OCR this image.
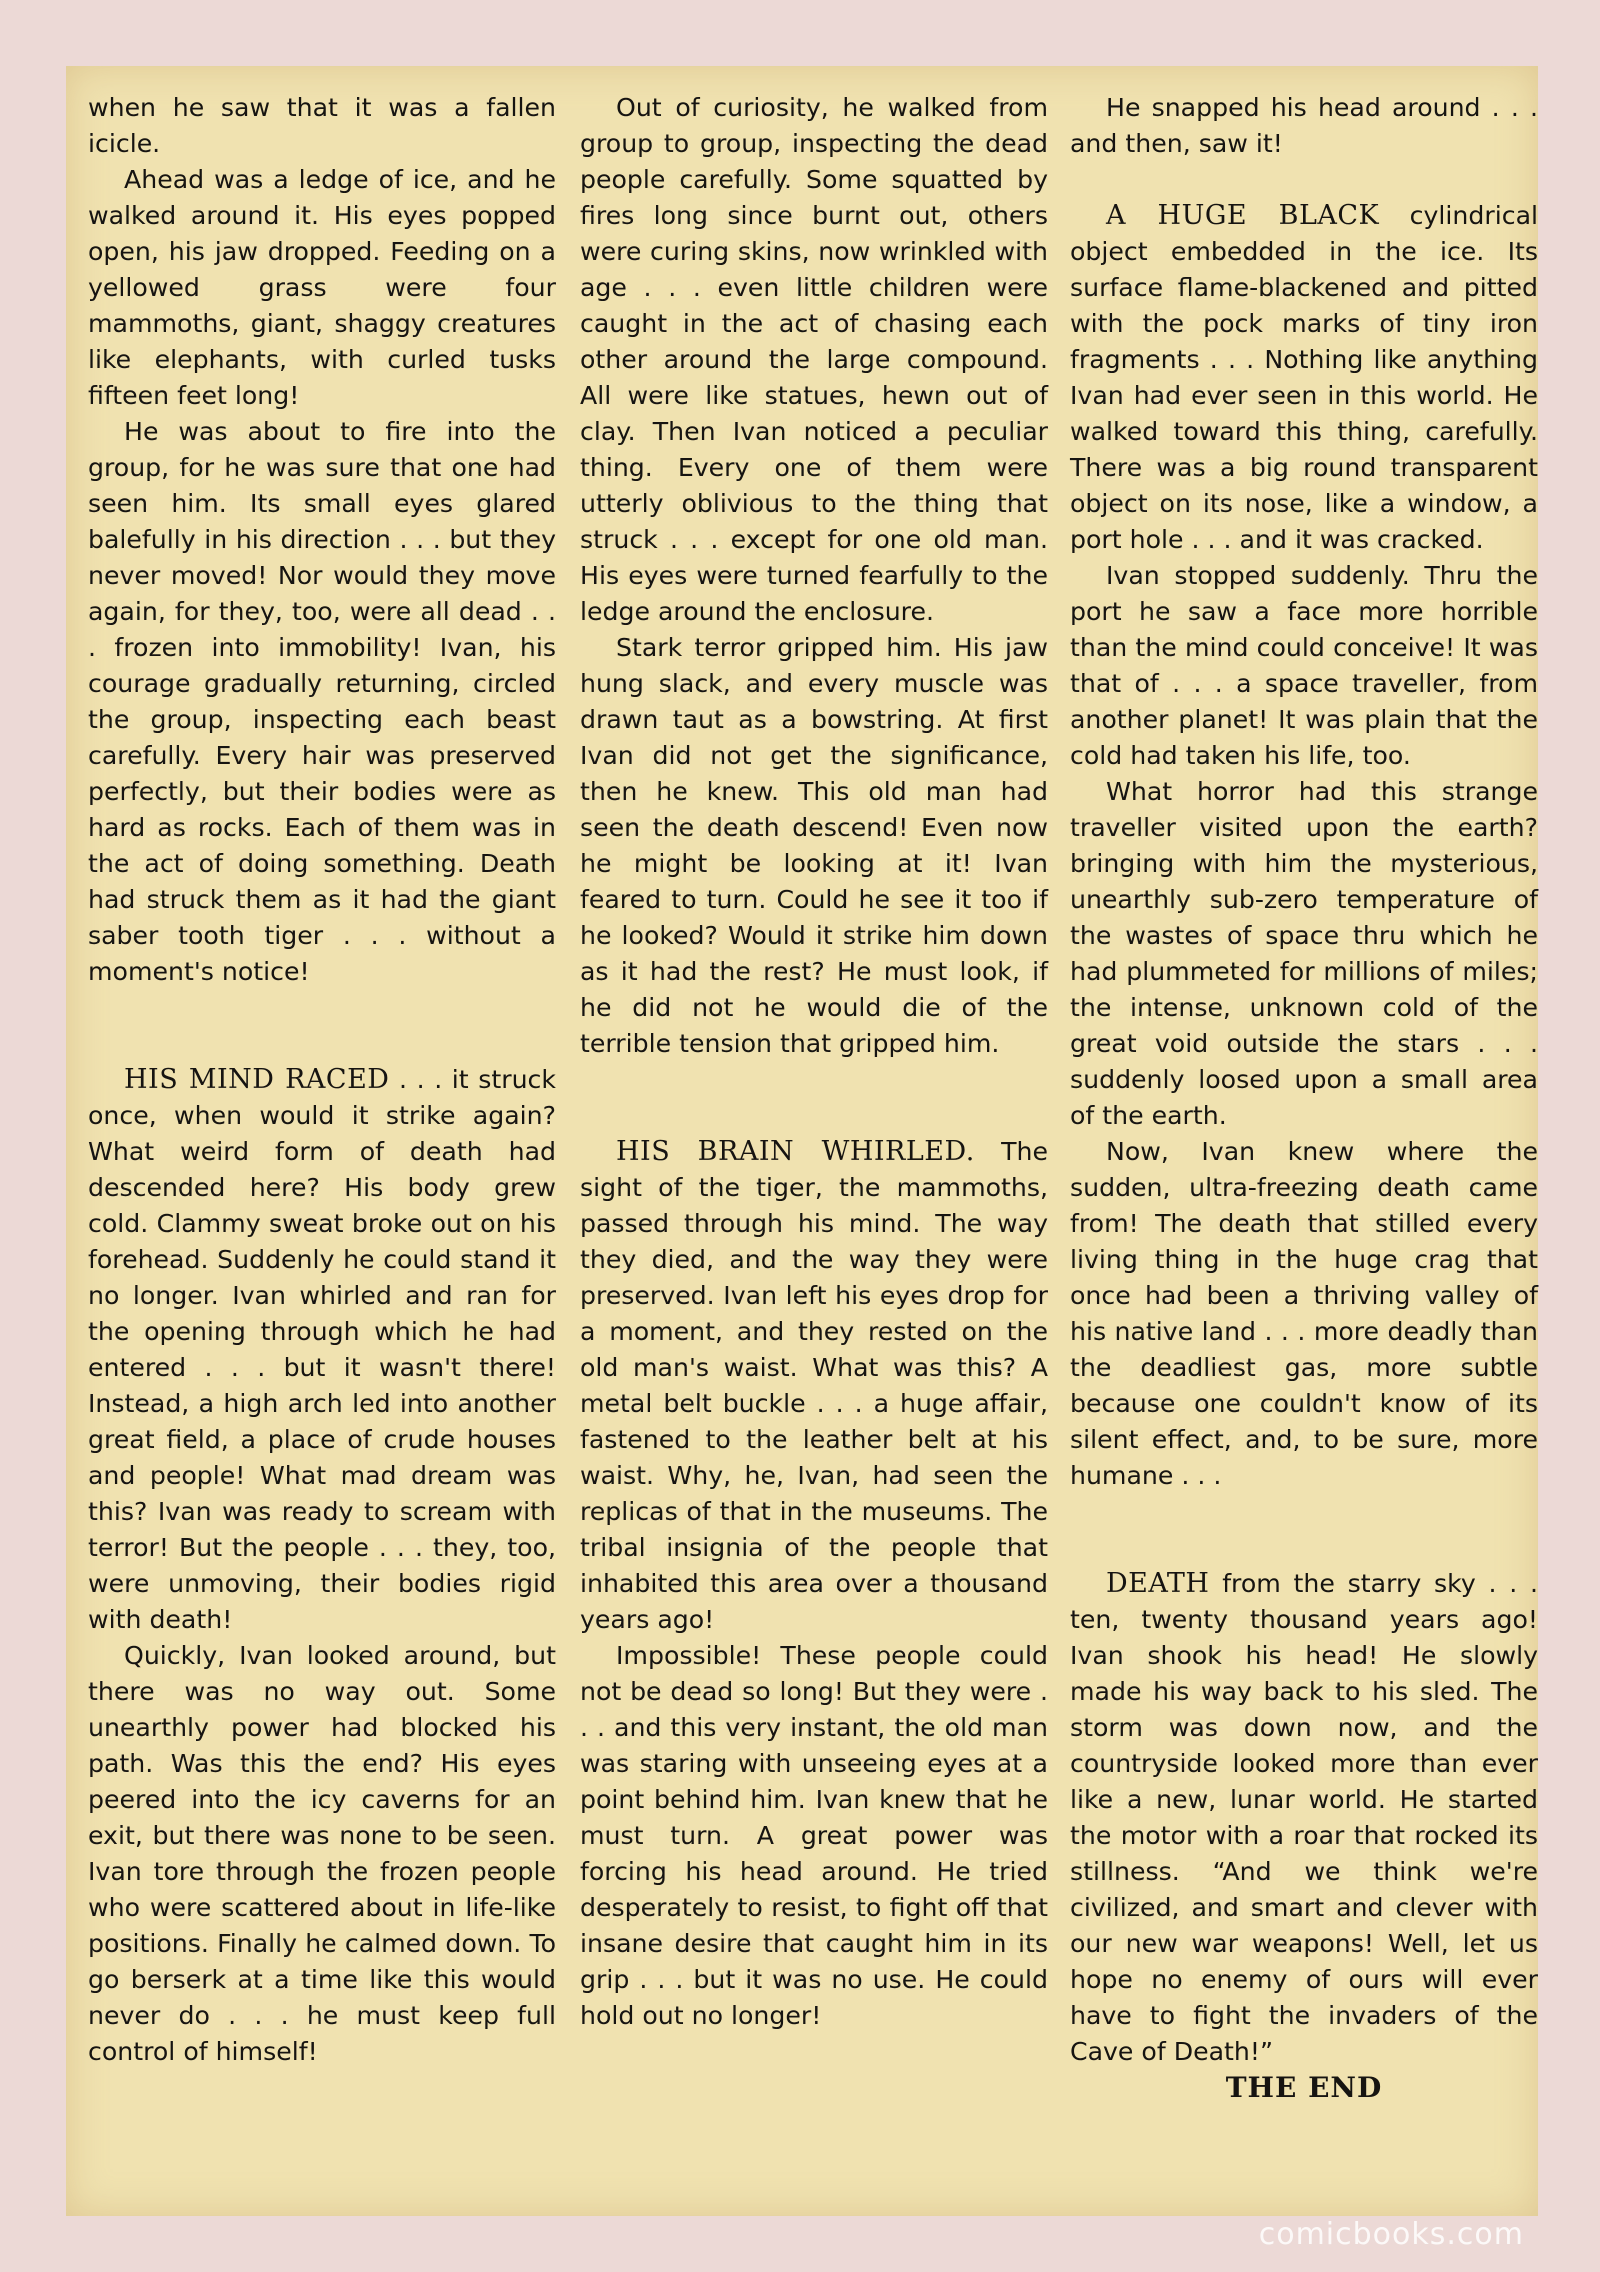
when he saw that it was a fallen icicle.

Ahead was a ledge of ice, and he walked around it. His eyes popped open, his jaw dropped. Feeding on a yellowed grass were four mammoths, giant, shaggy creatures like elephants, with curled tusks fifteen feet long!

He was about to fire into the group, for he was sure that one had seen him. Its small eyes glared balefully in his direction . . . but they never moved! Nor would they move again, for they, too, were all dead . . . frozen into immobility! Ivan, his courage gradually returning, circled the group, inspecting each beast carefully. Every hair was preserved perfectly, but their bodies were as hard as rocks. Each of them was in the act of doing something. Death had struck them as it had the giant saber tooth tiger . . . without a moment's notice!

HIS MIND RACED . . . it struck once, when would it strike again? What weird form of death had descended here? His body grew cold. Clammy sweat broke out on his forehead. Suddenly he could stand it no longer. Ivan whirled and ran for the opening through which he had entered . . . but it wasn't there! Instead, a high arch led into another great field, a place of crude houses and people! What mad dream was this? Ivan was ready to scream with terror! But the people . . . they, too, were unmoving, their bodies rigid with death!

Quickly, Ivan looked around, but there was no way out. Some unearthly power had blocked his path. Was this the end? His eyes peered into the icy caverns for an exit, but there was none to be seen. Ivan tore through the frozen people who were scattered about in life-like positions. Finally he calmed down. To go berserk at a time like this would never do . . . he must keep full control of himself!

Out of curiosity, he walked from group to group, inspecting the dead people carefully. Some squatted by fires long since burnt out, others were curing skins, now wrinkled with age . . . even little children were caught in the act of chasing each other around the large compound. All were like statues, hewn out of clay. Then Ivan noticed a peculiar thing. Every one of them were utterly oblivious to the thing that struck . . . except for one old man. His eyes were turned fearfully to the ledge around the enclosure.

Stark terror gripped him. His jaw hung slack, and every muscle was drawn taut as a bowstring. At first Ivan did not get the significance, then he knew. This old man had seen the death descend! Even now he might be looking at it! Ivan feared to turn. Could he see it too if he looked? Would it strike him down as it had the rest? He must look, if he did not he would die of the terrible tension that gripped him.

HIS BRAIN WHIRLED. The sight of the tiger, the mammoths, passed through his mind. The way they died, and the way they were preserved. Ivan left his eyes drop for a moment, and they rested on the old man's waist. What was this? A metal belt buckle . . . a huge affair, fastened to the leather belt at his waist. Why, he, Ivan, had seen the replicas of that in the museums. The tribal insignia of the people that inhabited this area over a thousand years ago!

Impossible! These people could not be dead so long! But they were . . . and this very instant, the old man was staring with unseeing eyes at a point behind him. Ivan knew that he must turn. A great power was forcing his head around. He tried desperately to resist, to fight off that insane desire that caught him in its grip . . . but it was no use. He could hold out no longer!

He snapped his head around . . . and then, saw it!

A HUGE BLACK cylindrical object embedded in the ice. Its surface flame-blackened and pitted with the pock marks of tiny iron fragments . . . Nothing like anything Ivan had ever seen in this world. He walked toward this thing, carefully. There was a big round transparent object on its nose, like a window, a port hole . . . and it was cracked.

Ivan stopped suddenly. Thru the port he saw a face more horrible than the mind could conceive! It was that of . . . a space traveller, from another planet! It was plain that the cold had taken his life, too.

What horror had this strange traveller visited upon the earth? bringing with him the mysterious, unearthly sub-zero temperature of the wastes of space thru which he had plummeted for millions of miles; the intense, unknown cold of the great void outside the stars . . . suddenly loosed upon a small area of the earth.

Now, Ivan knew where the sudden, ultra-freezing death came from! The death that stilled every living thing in the huge crag that once had been a thriving valley of his native land . . . more deadly than the deadliest gas, more subtle because one couldn't know of its silent effect, and, to be sure, more humane . . .

DEATH from the starry sky . . . ten, twenty thousand years ago! Ivan shook his head! He slowly made his way back to his sled. The storm was down now, and the countryside looked more than ever like a new, lunar world. He started the motor with a roar that rocked its stillness. “And we think we're civilized, and smart and clever with our new war weapons! Well, let us hope no enemy of ours will ever have to fight the invaders of the Cave of Death!”

THE END

comicbooks.com
